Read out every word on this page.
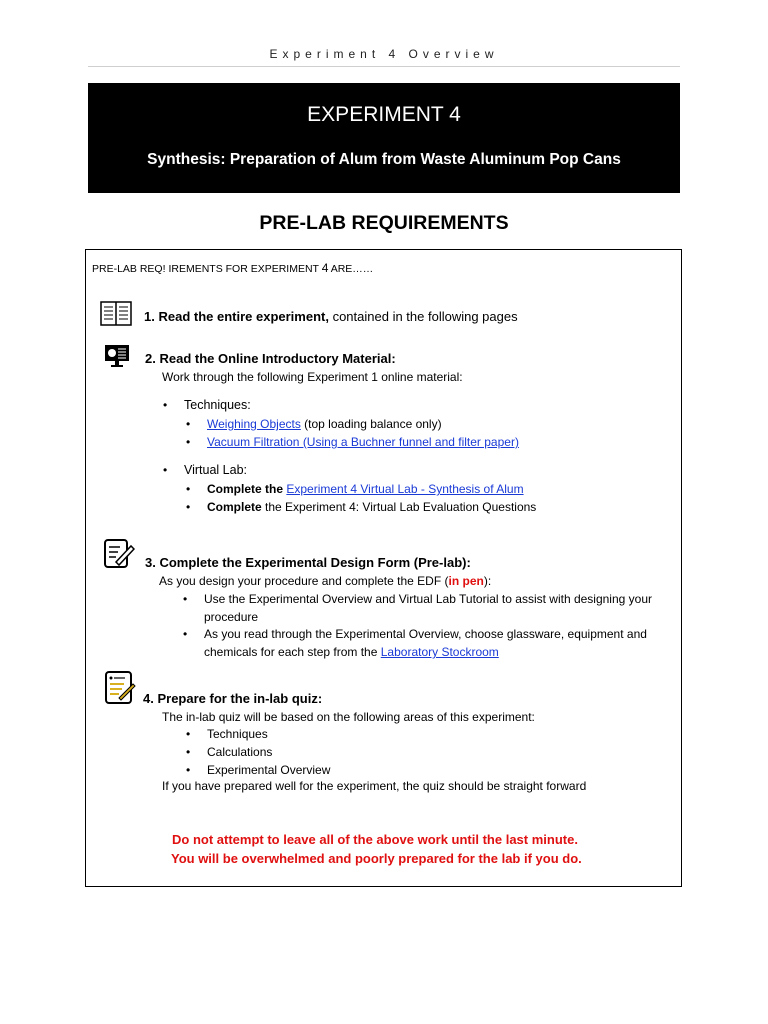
Experiment 4 Overview
EXPERIMENT 4
Synthesis: Preparation of Alum from Waste Aluminum Pop Cans
PRE-LAB REQUIREMENTS
PRE-LAB REQ! IREMENTS FOR EXPERIMENT 4 ARE……
1. Read the entire experiment, contained in the following pages
2. Read the Online Introductory Material:
Work through the following Experiment 1 online material:
• Techniques:
• Weighing Objects (top loading balance only)
• Vacuum Filtration (Using a Buchner funnel and filter paper)
• Virtual Lab:
• Complete the Experiment 4 Virtual Lab - Synthesis of Alum
• Complete the Experiment 4: Virtual Lab Evaluation Questions
3. Complete the Experimental Design Form (Pre-lab):
As you design your procedure and complete the EDF (in pen):
• Use the Experimental Overview and Virtual Lab Tutorial to assist with designing your
procedure
• As you read through the Experimental Overview, choose glassware, equipment and
chemicals for each step from the Laboratory Stockroom
4. Prepare for the in-lab quiz:
The in-lab quiz will be based on the following areas of this experiment:
• Techniques
• Calculations
• Experimental Overview
If you have prepared well for the experiment, the quiz should be straight forward
Do not attempt to leave all of the above work until the last minute.
You will be overwhelmed and poorly prepared for the lab if you do.
